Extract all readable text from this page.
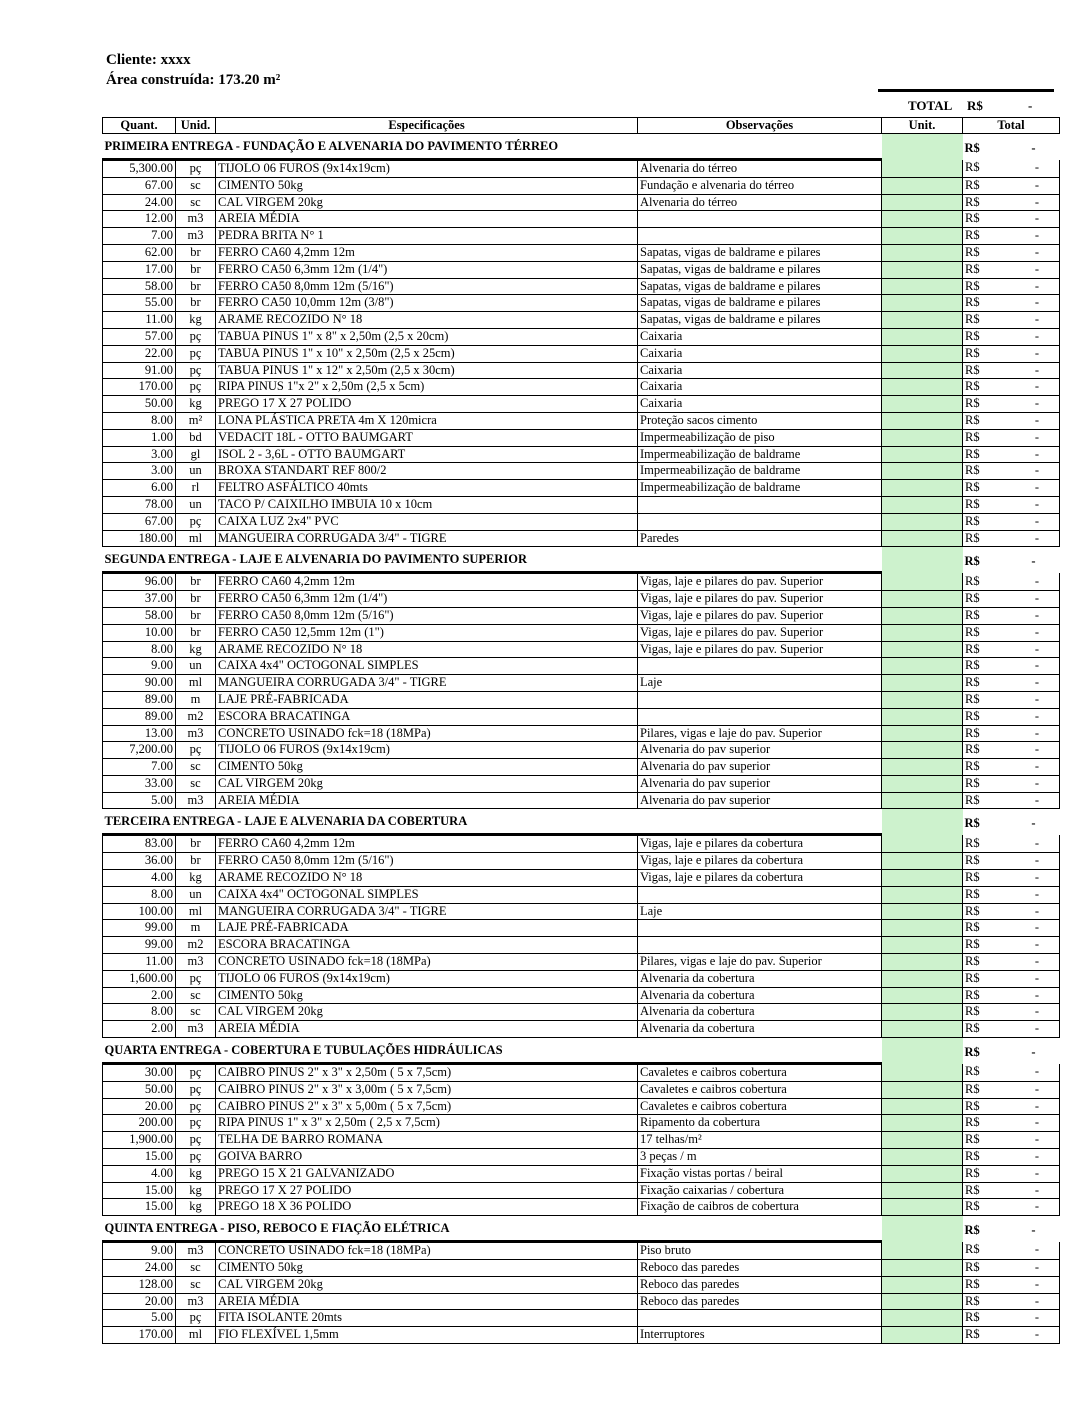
Cliente: xxxx
Área construída: 173.20 m²
TOTAL R$	-
Quant.	Unid.	Especificações	Observações	Unit.	Total
PRIMEIRA ENTREGA - FUNDAÇÃO E ALVENARIA DO PAVIMENTO TÉRREO					R$ -

5,300.00	pç	TIJOLO 06 FUROS (9x14x19cm)	Alvenaria do térreo		R$ -

67.00	sc	CIMENTO 50kg	Fundação e alvenaria do térreo		R$ -

24.00	sc	CAL VIRGEM 20kg	Alvenaria do térreo		R$ -

12.00	m3	AREIA MÉDIA			R$ -

7.00	m3	PEDRA BRITA N° 1			R$ -

62.00	br	FERRO CA60 4,2mm 12m	Sapatas, vigas de baldrame e pilares		R$ -

17.00	br	FERRO CA50 6,3mm 12m (1/4")	Sapatas, vigas de baldrame e pilares		R$ -

58.00	br	FERRO CA50 8,0mm 12m (5/16")	Sapatas, vigas de baldrame e pilares		R$ -

55.00	br	FERRO CA50 10,0mm 12m (3/8")	Sapatas, vigas de baldrame e pilares		R$ -

11.00	kg	ARAME RECOZIDO N° 18	Sapatas, vigas de baldrame e pilares		R$ -

57.00	pç	TABUA PINUS 1" x 8" x 2,50m (2,5 x 20cm)	Caixaria		R$ -

22.00	pç	TABUA PINUS 1" x 10" x 2,50m (2,5 x 25cm)	Caixaria		R$ -

91.00	pç	TABUA PINUS 1" x 12" x 2,50m (2,5 x 30cm)	Caixaria		R$ -

170.00	pç	RIPA PINUS 1"x 2" x 2,50m (2,5 x 5cm)	Caixaria		R$ -

50.00	kg	PREGO 17 X 27 POLIDO	Caixaria		R$ -

8.00	m²	LONA PLÁSTICA PRETA 4m X 120micra	Proteção sacos cimento		R$ -

1.00	bd	VEDACIT 18L - OTTO BAUMGART	Impermeabilização de piso		R$ -

3.00	gl	ISOL 2 - 3,6L - OTTO BAUMGART	Impermeabilização de baldrame		R$ -

3.00	un	BROXA STANDART REF 800/2	Impermeabilização de baldrame		R$ -

6.00	rl	FELTRO ASFÁLTICO 40mts	Impermeabilização de baldrame		R$ -

78.00	un	TACO P/ CAIXILHO IMBUIA 10 x 10cm			R$ -

67.00	pç	CAIXA LUZ 2x4" PVC			R$ -

180.00	ml	MANGUEIRA CORRUGADA 3/4" - TIGRE	Paredes		R$ -

SEGUNDA ENTREGA - LAJE E ALVENARIA DO PAVIMENTO SUPERIOR					R$ -

96.00	br	FERRO CA60 4,2mm 12m	Vigas, laje e pilares do pav. Superior		R$ -

37.00	br	FERRO CA50 6,3mm 12m (1/4")	Vigas, laje e pilares do pav. Superior		R$ -

58.00	br	FERRO CA50 8,0mm 12m (5/16")	Vigas, laje e pilares do pav. Superior		R$ -

10.00	br	FERRO CA50 12,5mm 12m (1")	Vigas, laje e pilares do pav. Superior		R$ -

8.00	kg	ARAME RECOZIDO N° 18	Vigas, laje e pilares do pav. Superior		R$ -

9.00	un	CAIXA 4x4" OCTOGONAL SIMPLES			R$ -

90.00	ml	MANGUEIRA CORRUGADA 3/4" - TIGRE	Laje		R$ -

89.00	m	LAJE PRÉ-FABRICADA			R$ -

89.00	m2	ESCORA BRACATINGA			R$ -

13.00	m3	CONCRETO USINADO fck=18 (18MPa)	Pilares, vigas e laje do pav. Superior		R$ -

7,200.00	pç	TIJOLO 06 FUROS (9x14x19cm)	Alvenaria do pav superior		R$ -

7.00	sc	CIMENTO 50kg	Alvenaria do pav superior		R$ -

33.00	sc	CAL VIRGEM 20kg	Alvenaria do pav superior		R$ -

5.00	m3	AREIA MÉDIA	Alvenaria do pav superior		R$ -

TERCEIRA ENTREGA - LAJE E ALVENARIA DA COBERTURA					R$ -

83.00	br	FERRO CA60 4,2mm 12m	Vigas, laje e pilares da cobertura		R$ -

36.00	br	FERRO CA50 8,0mm 12m (5/16")	Vigas, laje e pilares da cobertura		R$ -

4.00	kg	ARAME RECOZIDO N° 18	Vigas, laje e pilares da cobertura		R$ -

8.00	un	CAIXA 4x4" OCTOGONAL SIMPLES			R$ -

100.00	ml	MANGUEIRA CORRUGADA 3/4" - TIGRE	Laje		R$ -

99.00	m	LAJE PRÉ-FABRICADA			R$ -

99.00	m2	ESCORA BRACATINGA			R$ -

11.00	m3	CONCRETO USINADO fck=18 (18MPa)	Pilares, vigas e laje do pav. Superior		R$ -

1,600.00	pç	TIJOLO 06 FUROS (9x14x19cm)	Alvenaria da cobertura		R$ -

2.00	sc	CIMENTO 50kg	Alvenaria da cobertura		R$ -

8.00	sc	CAL VIRGEM 20kg	Alvenaria da cobertura		R$ -

2.00	m3	AREIA MÉDIA	Alvenaria da cobertura		R$ -

QUARTA ENTREGA - COBERTURA E TUBULAÇÕES HIDRÁULICAS					R$ -

30.00	pç	CAIBRO PINUS 2" x 3" x 2,50m ( 5 x 7,5cm)	Cavaletes e caibros cobertura		R$ -

50.00	pç	CAIBRO PINUS 2" x 3" x 3,00m ( 5 x 7,5cm)	Cavaletes e caibros cobertura		R$ -

20.00	pç	CAIBRO PINUS 2" x 3" x 5,00m ( 5 x 7,5cm)	Cavaletes e caibros cobertura		R$ -

200.00	pç	RIPA PINUS 1" x 3" x 2,50m ( 2,5 x 7,5cm)	Ripamento da cobertura		R$ -

1,900.00	pç	TELHA DE BARRO ROMANA	17 telhas/m²		R$ -

15.00	pç	GOIVA BARRO	3 peças / m		R$ -

4.00	kg	PREGO 15 X 21 GALVANIZADO	Fixação vistas portas / beiral		R$ -

15.00	kg	PREGO 17 X 27 POLIDO	Fixação caixarias / cobertura		R$ -

15.00	kg	PREGO 18 X 36 POLIDO	Fixação de caibros de cobertura		R$ -

QUINTA ENTREGA - PISO, REBOCO E FIAÇÃO ELÉTRICA					R$ -

9.00	m3	CONCRETO USINADO fck=18 (18MPa)	Piso bruto		R$ -

24.00	sc	CIMENTO 50kg	Reboco das paredes		R$ -

128.00	sc	CAL VIRGEM 20kg	Reboco das paredes		R$ -

20.00	m3	AREIA MÉDIA	Reboco das paredes		R$ -

5.00	pç	FITA ISOLANTE 20mts			R$ -

170.00	ml	FIO FLEXÍVEL 1,5mm	Interruptores		R$ -
